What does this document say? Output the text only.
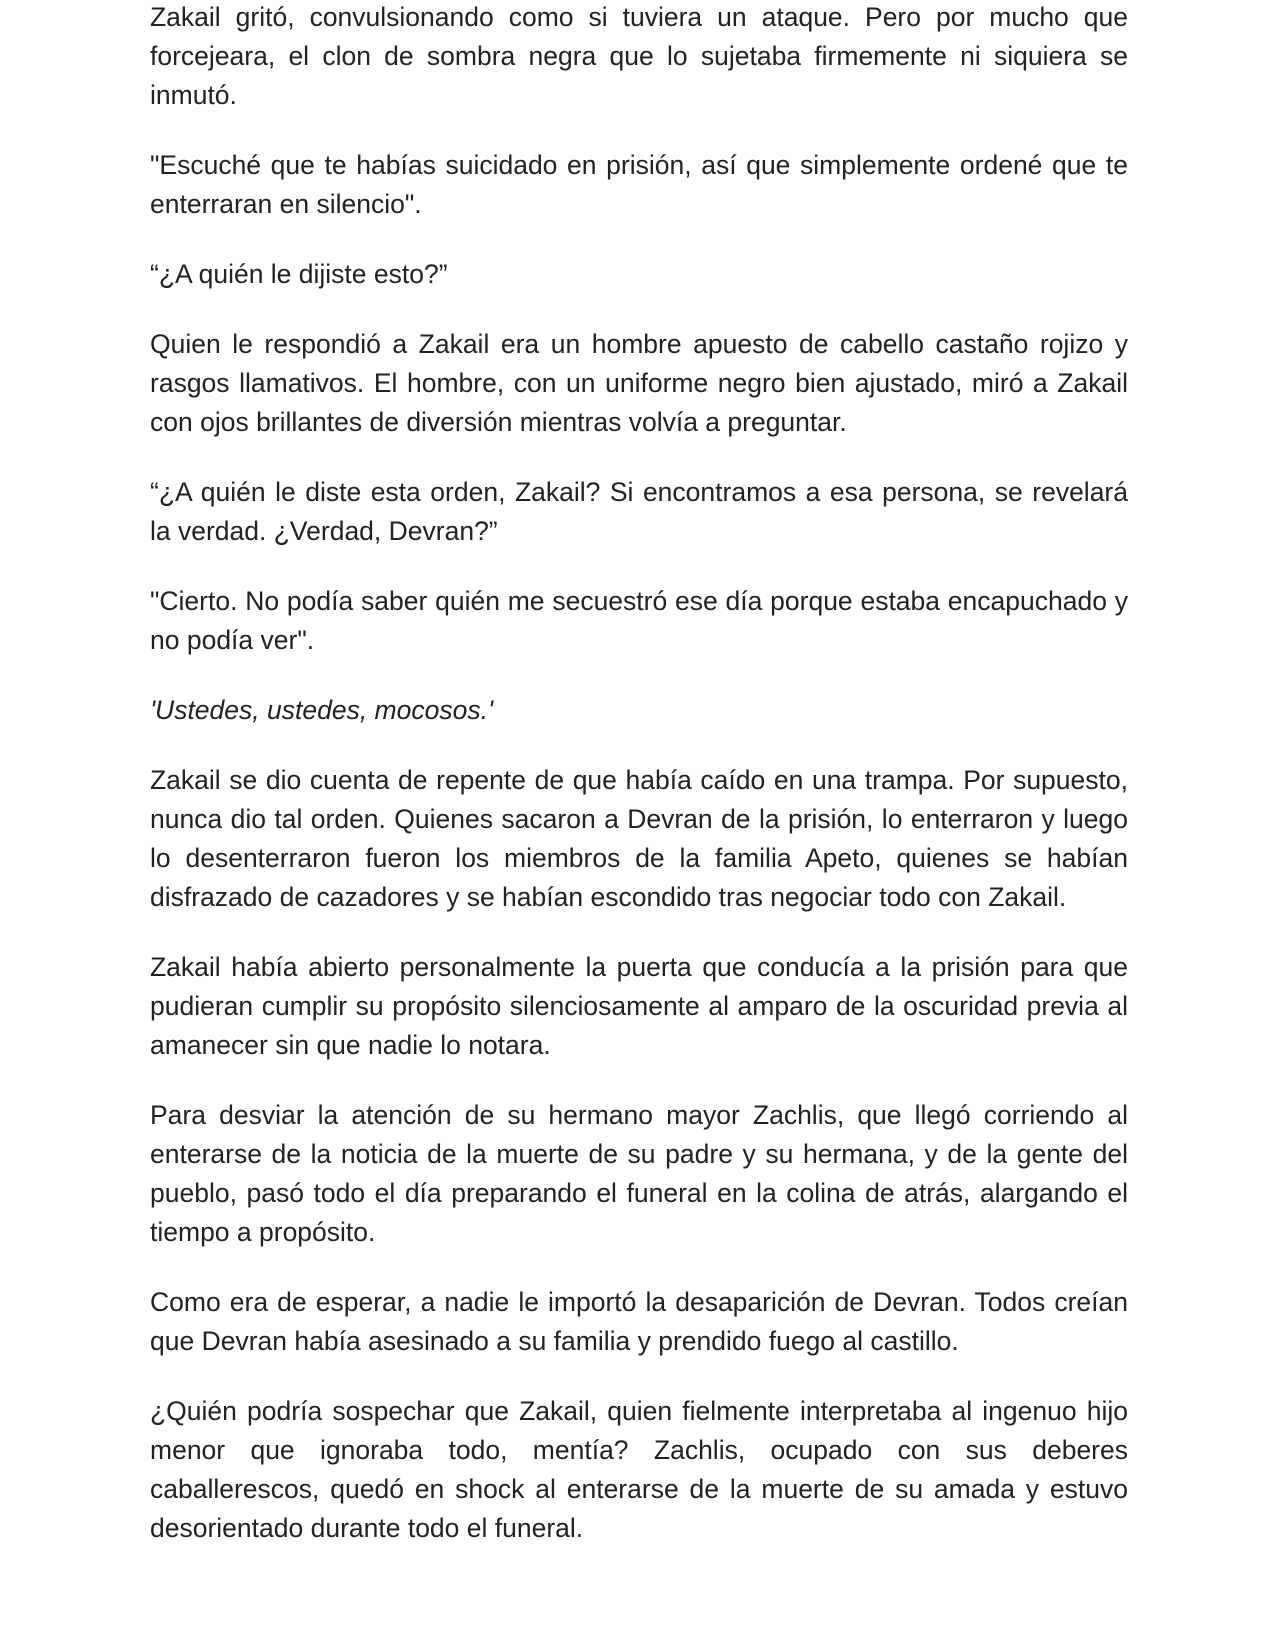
Zakail gritó, convulsionando como si tuviera un ataque. Pero por mucho que forcejeara, el clon de sombra negra que lo sujetaba firmemente ni siquiera se inmutó.

"Escuché que te habías suicidado en prisión, así que simplemente ordené que te enterraran en silencio".

“¿A quién le dijiste esto?”

Quien le respondió a Zakail era un hombre apuesto de cabello castaño rojizo y rasgos llamativos. El hombre, con un uniforme negro bien ajustado, miró a Zakail con ojos brillantes de diversión mientras volvía a preguntar.

“¿A quién le diste esta orden, Zakail? Si encontramos a esa persona, se revelará la verdad. ¿Verdad, Devran?”

"Cierto. No podía saber quién me secuestró ese día porque estaba encapuchado y no podía ver".

'Ustedes, ustedes, mocosos.'

Zakail se dio cuenta de repente de que había caído en una trampa. Por supuesto, nunca dio tal orden. Quienes sacaron a Devran de la prisión, lo enterraron y luego lo desenterraron fueron los miembros de la familia Apeto, quienes se habían disfrazado de cazadores y se habían escondido tras negociar todo con Zakail.

Zakail había abierto personalmente la puerta que conducía a la prisión para que pudieran cumplir su propósito silenciosamente al amparo de la oscuridad previa al amanecer sin que nadie lo notara.

Para desviar la atención de su hermano mayor Zachlis, que llegó corriendo al enterarse de la noticia de la muerte de su padre y su hermana, y de la gente del pueblo, pasó todo el día preparando el funeral en la colina de atrás, alargando el tiempo a propósito.

Como era de esperar, a nadie le importó la desaparición de Devran. Todos creían que Devran había asesinado a su familia y prendido fuego al castillo.

¿Quién podría sospechar que Zakail, quien fielmente interpretaba al ingenuo hijo menor que ignoraba todo, mentía? Zachlis, ocupado con sus deberes caballerescos, quedó en shock al enterarse de la muerte de su amada y estuvo desorientado durante todo el funeral.
